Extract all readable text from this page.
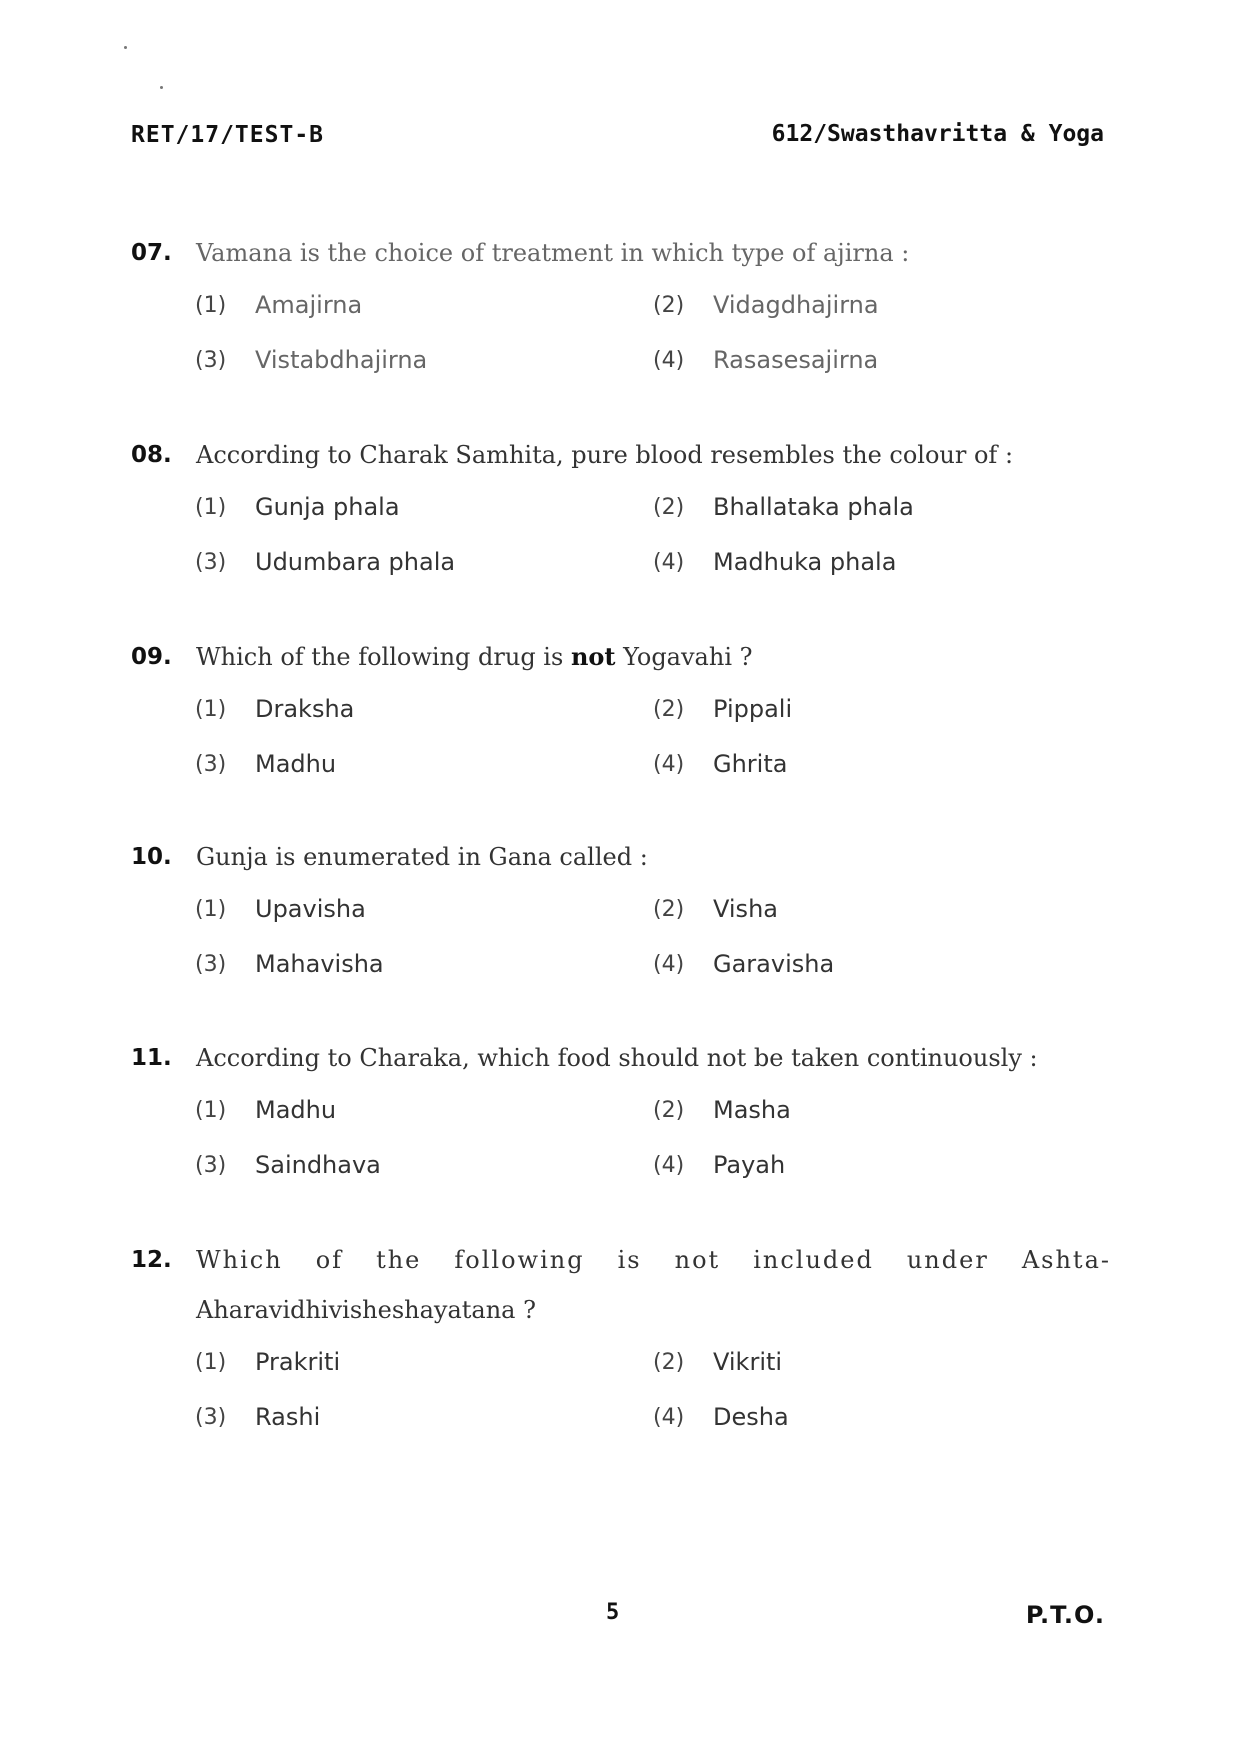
RET/17/TEST-B	612/Swasthavritta & Yoga
07. Vamana is the choice of treatment in which type of ajirna :
(1) Amajirna	(2) Vidagdhajirna
(3) Vistabdhajirna	(4) Rasasesajirna
08. According to Charak Samhita, pure blood resembles the colour of :
(1) Gunja phala	(2) Bhallataka phala
(3) Udumbara phala	(4) Madhuka phala
09. Which of the following drug is not Yogavahi ?
(1) Draksha	(2) Pippali
(3) Madhu	(4) Ghrita
10. Gunja is enumerated in Gana called :
(1) Upavisha	(2) Visha
(3) Mahavisha	(4) Garavisha
11. According to Charaka, which food should not be taken continuously :
(1) Madhu	(2) Masha
(3) Saindhava	(4) Payah
12. Which of the following is not included under Ashta-
Aharavidhivisheshayatana ?
(1) Prakriti	(2) Vikriti
(3) Rashi	(4) Desha
5	P.T.O.
